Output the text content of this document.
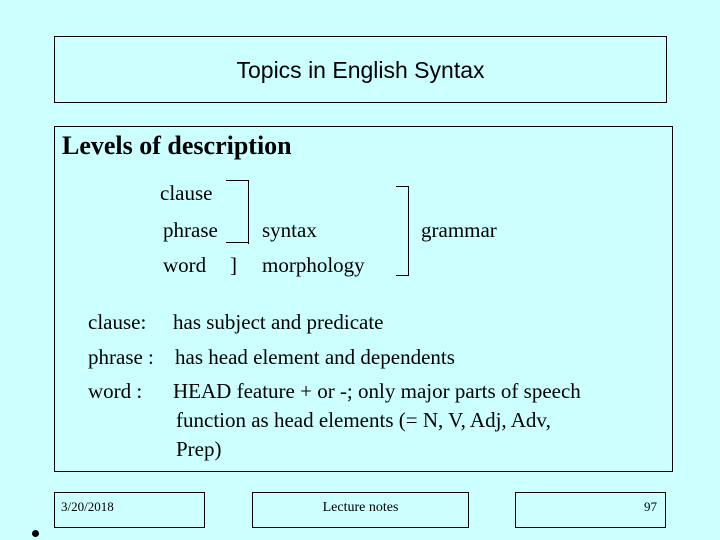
Topics in English Syntax
Levels of description
clause
phrase
word ]
syntax
morphology
grammar
clause: has subject and predicate
phrase : has head element and dependents
word : HEAD feature + or -; only major parts of speech
function as head elements (= N, V, Adj, Adv,
Prep)
3/20/2018	Lecture notes	97
